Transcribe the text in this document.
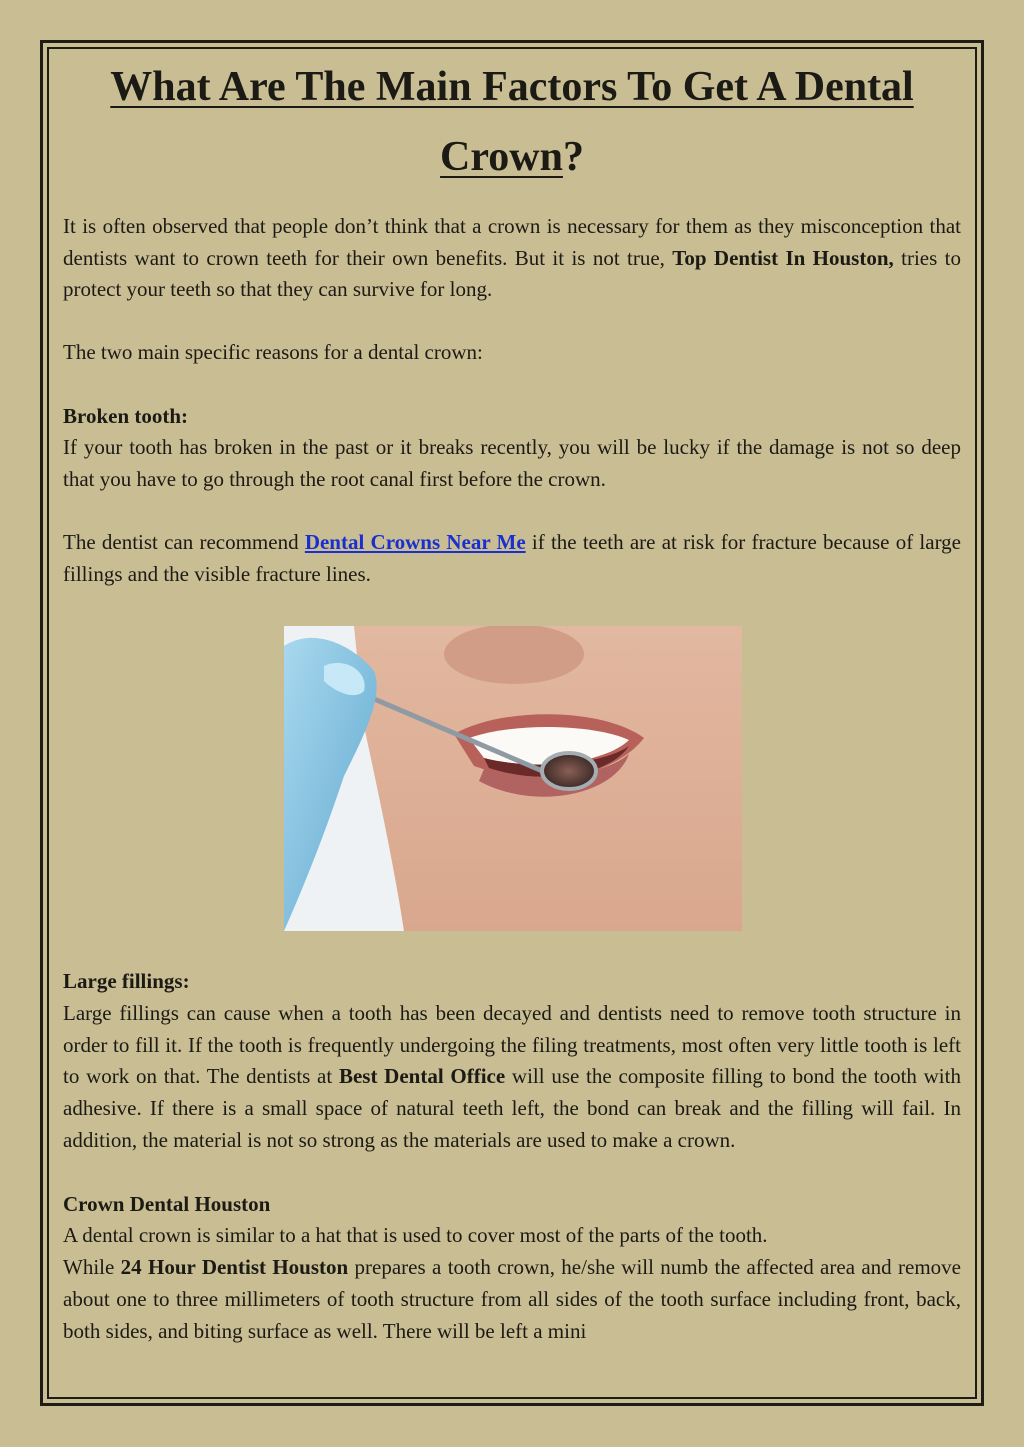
What Are The Main Factors To Get A Dental
Crown?

It is often observed that people don’t think that a crown is necessary for them as they misconception that dentists want to crown teeth for their own benefits. But it is not true, Top Dentist In Houston, tries to protect your teeth so that they can survive for long.

The two main specific reasons for a dental crown:

Broken tooth:

If your tooth has broken in the past or it breaks recently, you will be lucky if the damage is not so deep that you have to go through the root canal first before the crown.

The dentist can recommend Dental Crowns Near Me if the teeth are at risk for fracture because of large fillings and the visible fracture lines.

Large fillings:

Large fillings can cause when a tooth has been decayed and dentists need to remove tooth structure in order to fill it. If the tooth is frequently undergoing the filing treatments, most often very little tooth is left to work on that. The dentists at Best Dental Office will use the composite filling to bond the tooth with adhesive. If there is a small space of natural teeth left, the bond can break and the filling will fail. In addition, the material is not so strong as the materials are used to make a crown.

Crown Dental Houston

A dental crown is similar to a hat that is used to cover most of the parts of the tooth.

While 24 Hour Dentist Houston prepares a tooth crown, he/she will numb the affected area and remove about one to three millimeters of tooth structure from all sides of the tooth surface including front, back, both sides, and biting surface as well. There will be left a mini
